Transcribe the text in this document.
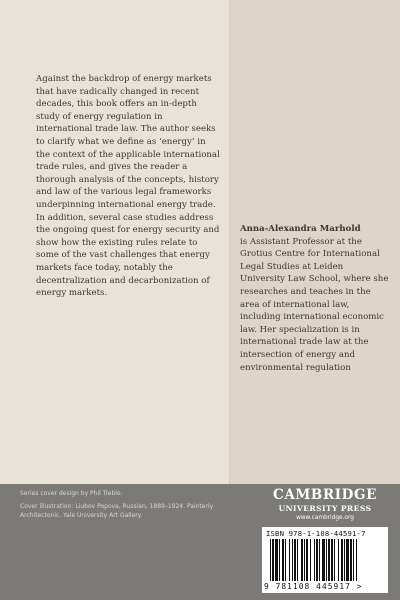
Against the backdrop of energy markets that have radically changed in recent decades, this book offers an in-depth study of energy regulation in international trade law. The author seeks to clarify what we define as ‘energy’ in the context of the applicable international trade rules, and gives the reader a thorough analysis of the concepts, history and law of the various legal frameworks underpinning international energy trade. In addition, several case studies address the ongoing quest for energy security and show how the existing rules relate to some of the vast challenges that energy markets face today, notably the decentralization and decarbonization of energy markets.

Anna-Alexandra Marhold
is Assistant Professor at the Grotius Centre for International Legal Studies at Leiden University Law School, where she researches and teaches in the area of international law, including international economic law. Her specialization is in international trade law at the intersection of energy and environmental regulation

Series cover design by Phil Treble.

Cover illustration: Liubov Popova, Russian, 1889–1924. Painterly Architectonic. Yale University Art Gallery.

CAMBRIDGE

UNIVERSITY PRESS

www.cambridge.org

ISBN 978-1-108-44591-7

9 781108 445917 >
